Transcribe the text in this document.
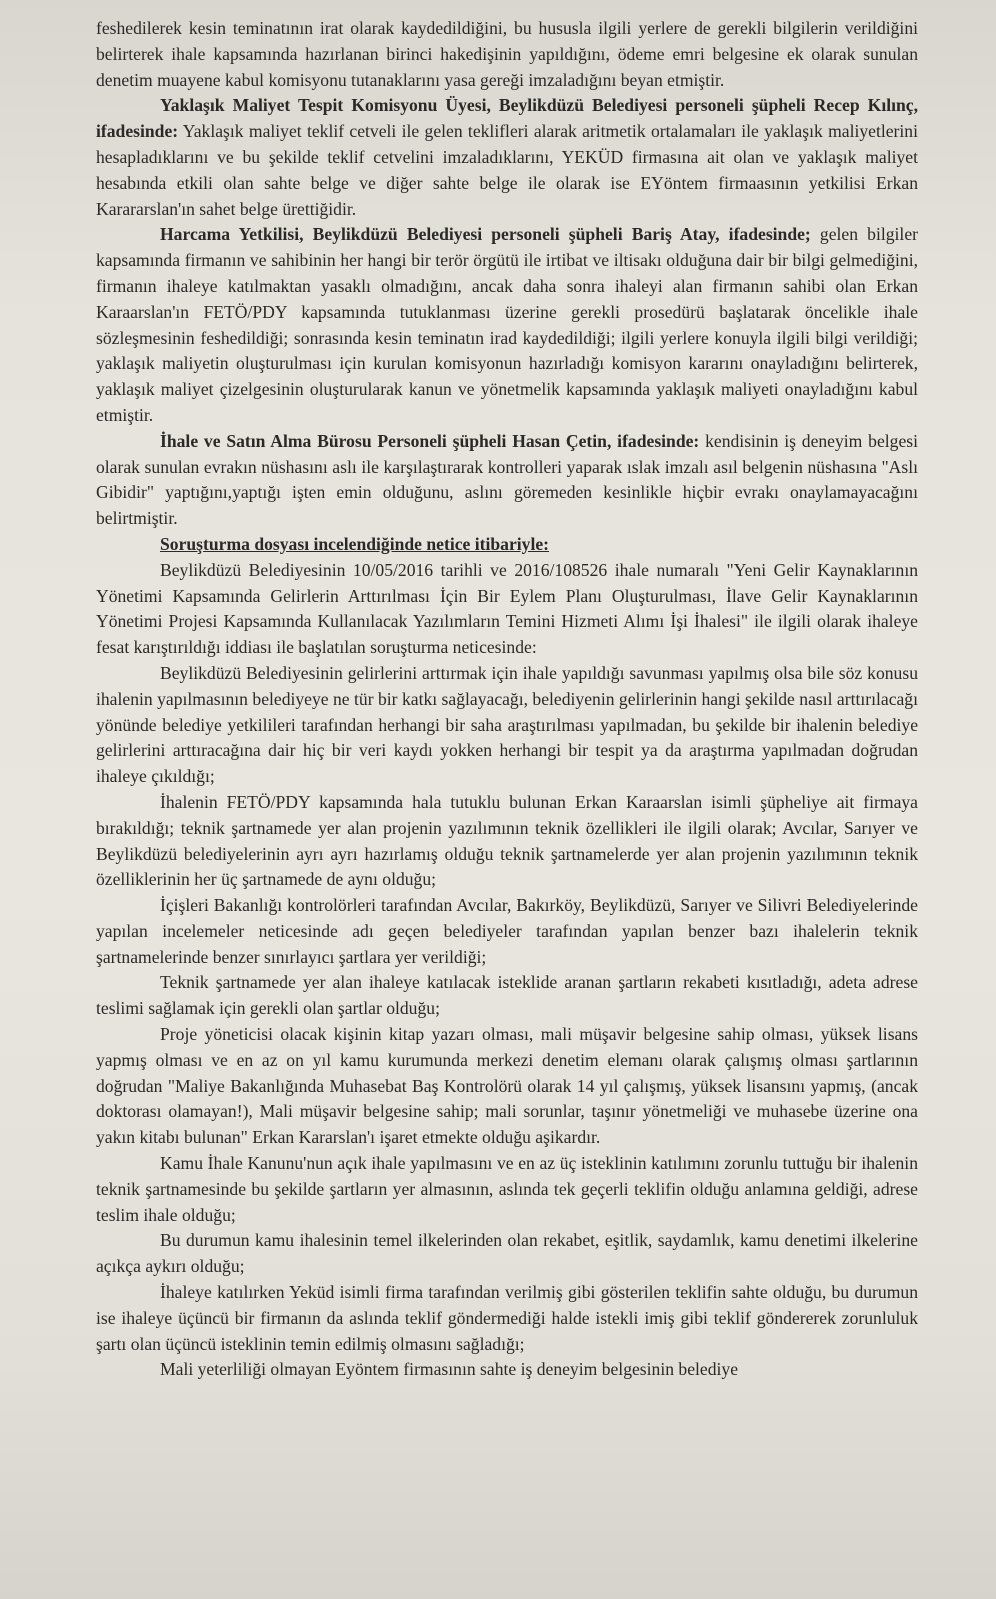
feshedilerek kesin teminatının irat olarak kaydedildiğini, bu hususla ilgili yerlere de gerekli bilgilerin verildiğini belirterek ihale kapsamında hazırlanan birinci hakedişinin yapıldığını, ödeme emri belgesine ek olarak sunulan denetim muayene kabul komisyonu tutanaklarını yasa gereği imzaladığını beyan etmiştir.

Yaklaşık Maliyet Tespit Komisyonu Üyesi, Beylikdüzü Belediyesi personeli şüpheli Recep Kılınç, ifadesinde: Yaklaşık maliyet teklif cetveli ile gelen teklifleri alarak aritmetik ortalamaları ile yaklaşık maliyetlerini hesapladıklarını ve bu şekilde teklif cetvelini imzaladıklarını, YEKÜD firmasına ait olan ve yaklaşık maliyet hesabında etkili olan sahte belge ve diğer sahte belge ile olarak ise EYöntem firmaasının yetkilisi Erkan Karararslan'ın sahet belge ürettiğidir.

Harcama Yetkilisi, Beylikdüzü Belediyesi personeli şüpheli Bariş Atay, ifadesinde; gelen bilgiler kapsamında firmanın ve sahibinin her hangi bir terör örgütü ile irtibat ve iltisakı olduğuna dair bir bilgi gelmediğini, firmanın ihaleye katılmaktan yasaklı olmadığını, ancak daha sonra ihaleyi alan firmanın sahibi olan Erkan Karaarslan'ın FETÖ/PDY kapsamında tutuklanması üzerine gerekli prosedürü başlatarak öncelikle ihale sözleşmesinin feshedildiği; sonrasında kesin teminatın irad kaydedildiği; ilgili yerlere konuyla ilgili bilgi verildiği; yaklaşık maliyetin oluşturulması için kurulan komisyonun hazırladığı komisyon kararını onayladığını belirterek, yaklaşık maliyet çizelgesinin oluşturularak kanun ve yönetmelik kapsamında yaklaşık maliyeti onayladığını kabul etmiştir.

İhale ve Satın Alma Bürosu Personeli şüpheli Hasan Çetin, ifadesinde: kendisinin iş deneyim belgesi olarak sunulan evrakın nüshasını aslı ile karşılaştırarak kontrolleri yaparak ıslak imzalı asıl belgenin nüshasına "Aslı Gibidir" yaptığını,yaptığı işten emin olduğunu, aslını göremeden kesinlikle hiçbir evrakı onaylamayacağını belirtmiştir.

Soruşturma dosyası incelendiğinde netice itibariyle:

Beylikdüzü Belediyesinin 10/05/2016 tarihli ve 2016/108526 ihale numaralı "Yeni Gelir Kaynaklarının Yönetimi Kapsamında Gelirlerin Arttırılması İçin Bir Eylem Planı Oluşturulması, İlave Gelir Kaynaklarının Yönetimi Projesi Kapsamında Kullanılacak Yazılımların Temini Hizmeti Alımı İşi İhalesi" ile ilgili olarak ihaleye fesat karıştırıldığı iddiası ile başlatılan soruşturma neticesinde:

Beylikdüzü Belediyesinin gelirlerini arttırmak için ihale yapıldığı savunması yapılmış olsa bile söz konusu ihalenin yapılmasının belediyeye ne tür bir katkı sağlayacağı, belediyenin gelirlerinin hangi şekilde nasıl arttırılacağı yönünde belediye yetkilileri tarafından herhangi bir saha araştırılması yapılmadan, bu şekilde bir ihalenin belediye gelirlerini arttıracağına dair hiç bir veri kaydı yokken herhangi bir tespit ya da araştırma yapılmadan doğrudan ihaleye çıkıldığı;

İhalenin FETÖ/PDY kapsamında hala tutuklu bulunan Erkan Karaarslan isimli şüpheliye ait firmaya bırakıldığı; teknik şartnamede yer alan projenin yazılımının teknik özellikleri ile ilgili olarak; Avcılar, Sarıyer ve Beylikdüzü belediyelerinin ayrı ayrı hazırlamış olduğu teknik şartnamelerde yer alan projenin yazılımının teknik özelliklerinin her üç şartnamede de aynı olduğu;

İçişleri Bakanlığı kontrolörleri tarafından Avcılar, Bakırköy, Beylikdüzü, Sarıyer ve Silivri Belediyelerinde yapılan incelemeler neticesinde adı geçen belediyeler tarafından yapılan benzer bazı ihalelerin teknik şartnamelerinde benzer sınırlayıcı şartlara yer verildiği;

Teknik şartnamede yer alan ihaleye katılacak isteklide aranan şartların rekabeti kısıtladığı, adeta adrese teslimi sağlamak için gerekli olan şartlar olduğu;

Proje yöneticisi olacak kişinin kitap yazarı olması, mali müşavir belgesine sahip olması, yüksek lisans yapmış olması ve en az on yıl kamu kurumunda merkezi denetim elemanı olarak çalışmış olması şartlarının doğrudan "Maliye Bakanlığında Muhasebat Baş Kontrolörü olarak 14 yıl çalışmış, yüksek lisansını yapmış, (ancak doktorası olamayan!), Mali müşavir belgesine sahip; mali sorunlar, taşınır yönetmeliği ve muhasebe üzerine ona yakın kitabı bulunan" Erkan Kararslan'ı işaret etmekte olduğu aşikardır.

Kamu İhale Kanunu'nun açık ihale yapılmasını ve en az üç isteklinin katılımını zorunlu tuttuğu bir ihalenin teknik şartnamesinde bu şekilde şartların yer almasının, aslında tek geçerli teklifin olduğu anlamına geldiği, adrese teslim ihale olduğu;

Bu durumun kamu ihalesinin temel ilkelerinden olan rekabet, eşitlik, saydamlık, kamu denetimi ilkelerine açıkça aykırı olduğu;

İhaleye katılırken Yeküd isimli firma tarafından verilmiş gibi gösterilen teklifin sahte olduğu, bu durumun ise ihaleye üçüncü bir firmanın da aslında teklif göndermediği halde istekli imiş gibi teklif göndererek zorunluluk şartı olan üçüncü isteklinin temin edilmiş olmasını sağladığı;

Mali yeterliliği olmayan Eyöntem firmasının sahte iş deneyim belgesinin belediye
